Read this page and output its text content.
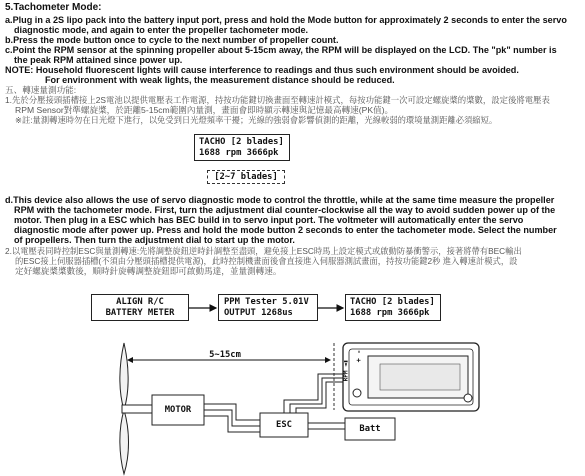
5.Tachometer Mode:
a.Plug in a 2S lipo pack into the battery input port, press and hold the Mode button for approximately 2 seconds to enter the servo
diagnostic mode, and again to enter the propeller tachometer mode.
b.Press the mode button once to cycle to the next number of propeller count.
c.Point the RPM sensor at the spinning propeller about 5-15cm away, the RPM will be displayed on the LCD. The "pk" number is
the peak RPM attained since power up.
NOTE: Household fluorescent lights will cause interference to readings and thus such environment should be avoided.
For environment with weak lights, the measurement distance should be reduced.
五、轉速量測功能:
1.先於分壓接頭插槽接上2S電池以提供電壓表工作電源，持按功能鍵切換畫面至轉速計模式，每按功能鍵一次可設定螺旋槳的槳數，設定後將電壓表
RPM Sensor對準螺旋槳，於距離5-15cm範圍內量測，畫面會即時顯示轉速與記憶最高轉速(PK值)。
※註:量測轉速時勿在日光燈下進行，以免受到日光燈頻率干擾；光線的強弱會影響偵測的距離，光線較弱的環境量測距離必須縮短。
TACHO [2 blades]
1688 rpm 3666pk
[2~7 blades]
d.This device also allows the use of servo diagnostic mode to control the throttle, while at the same time measure the propeller
RPM with the tachometer mode. First, turn the adjustment dial counter-clockwise all the way to avoid sudden power up of the
motor. Then plug in a ESC which has BEC build in to servo input port. The voltmeter will automatically enter the servo
diagnostic mode after power up. Press and hold the mode button 2 seconds to enter the tachometer mode. Select the number
of propellers. Then turn the adjustment dial to start up the motor.
2.以電壓表同時控制ESC與量測轉速:先將調整旋鈕逆時針調整至盡頭，避免接上ESC時馬上設定模式或啟動防暴衝警示，接著將帶有BEC輸出
的ESC接上伺服器插槽(不須由分壓頭插槽提供電源)，此時控制機畫面後會直接進入伺服器測試畫面，持按功能鍵2秒 進入轉速計模式，設
定好螺旋槳槳數後，順時針旋轉調整旋鈕即可啟動馬達，並量測轉速。
ALIGN R/C
BATTERY METER
PPM Tester 5.01V
OUTPUT 1268us
TACHO [2 blades]
1688 rpm 3666pk
5~15cm
MOTOR
ESC	Batt
RPM ◄▮
+ -
